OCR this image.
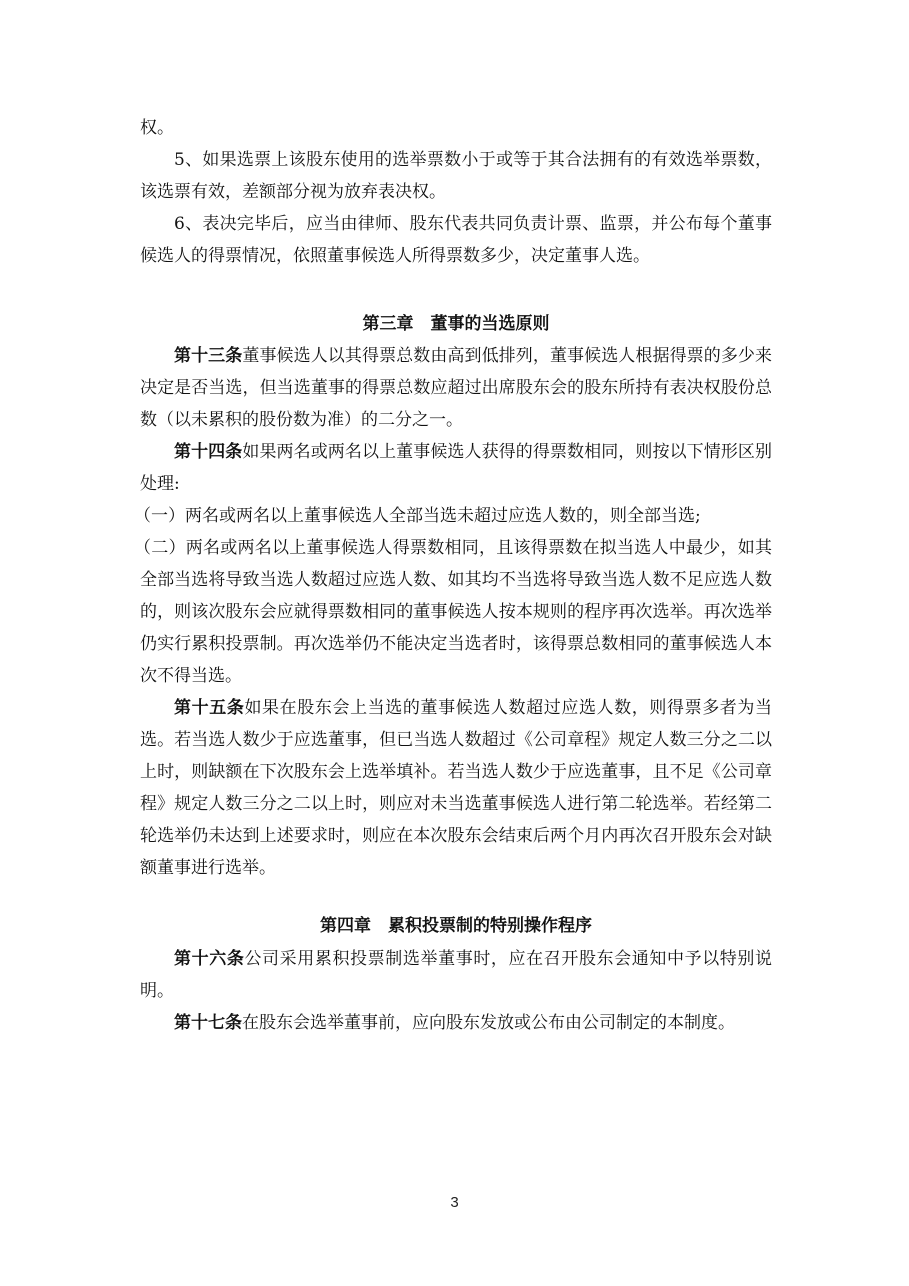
权。

5、如果选票上该股东使用的选举票数小于或等于其合法拥有的有效选举票数，该选票有效，差额部分视为放弃表决权。

6、表决完毕后，应当由律师、股东代表共同负责计票、监票，并公布每个董事候选人的得票情况，依照董事候选人所得票数多少，决定董事人选。

第三章　董事的当选原则

第十三条董事候选人以其得票总数由高到低排列，董事候选人根据得票的多少来决定是否当选，但当选董事的得票总数应超过出席股东会的股东所持有表决权股份总数（以未累积的股份数为准）的二分之一。

第十四条如果两名或两名以上董事候选人获得的得票数相同，则按以下情形区别处理:

（一）两名或两名以上董事候选人全部当选未超过应选人数的，则全部当选;

（二）两名或两名以上董事候选人得票数相同，且该得票数在拟当选人中最少，如其全部当选将导致当选人数超过应选人数、如其均不当选将导致当选人数不足应选人数的，则该次股东会应就得票数相同的董事候选人按本规则的程序再次选举。再次选举仍实行累积投票制。再次选举仍不能决定当选者时，该得票总数相同的董事候选人本次不得当选。

第十五条如果在股东会上当选的董事候选人数超过应选人数，则得票多者为当选。若当选人数少于应选董事，但已当选人数超过《公司章程》规定人数三分之二以上时，则缺额在下次股东会上选举填补。若当选人数少于应选董事，且不足《公司章程》规定人数三分之二以上时，则应对未当选董事候选人进行第二轮选举。若经第二轮选举仍未达到上述要求时，则应在本次股东会结束后两个月内再次召开股东会对缺额董事进行选举。

第四章　累积投票制的特别操作程序

第十六条公司采用累积投票制选举董事时，应在召开股东会通知中予以特别说明。

第十七条在股东会选举董事前，应向股东发放或公布由公司制定的本制度。

3
